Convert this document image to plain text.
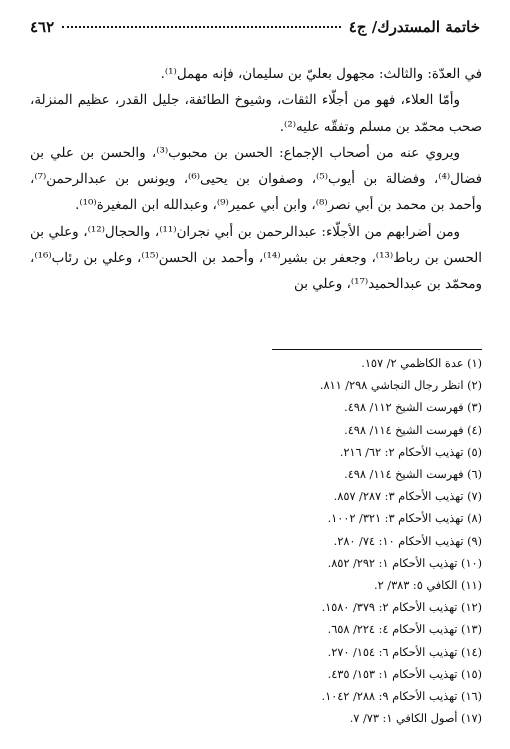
خاتمة المستدرك/ ج٤
٤٦٢

في العدّة: والثالث: مجهول بعليّ بن سليمان، فإنه مهمل⁽¹⁾.

وأمّا العلاء، فهو من أجلّاء الثقات، وشيوخ الطائفة، جليل القدر، عظيم المنزلة، صحب محمّد بن مسلم وتفقّه عليه⁽²⁾.

ويروي عنه من أصحاب الإجماع: الحسن بن محبوب⁽³⁾، والحسن بن علي بن فضال⁽⁴⁾، وفضالة بن أيوب⁽⁵⁾، وصفوان بن يحيى⁽⁶⁾، ويونس بن عبدالرحمن⁽⁷⁾، وأحمد بن محمد بن أبي نصر⁽⁸⁾، وابن أبي عمير⁽⁹⁾، وعبدالله ابن المغيرة⁽¹⁰⁾.

ومن أضرابهم من الأجلّاء: عبدالرحمن بن أبي نجران⁽¹¹⁾، والحجال⁽¹²⁾، وعلي بن الحسن بن رباط⁽¹³⁾، وجعفر بن بشير⁽¹⁴⁾، وأحمد بن الحسن⁽¹⁵⁾، وعلي بن رئاب⁽¹⁶⁾، ومحمّد بن عبدالحميد⁽¹⁷⁾، وعلي بن

(١) عدة الكاظمي ٢/ ١٥٧.
(٢) انظر رجال النجاشي ٢٩٨/ ٨١١.
(٣) فهرست الشيخ ١١٢/ ٤٩٨.
(٤) فهرست الشيخ ١١٤/ ٤٩٨.
(٥) تهذيب الأحكام ٢: ٦٢/ ٢١٦.
(٦) فهرست الشيخ ١١٤/ ٤٩٨.
(٧) تهذيب الأحكام ٣: ٢٨٧/ ٨٥٧.
(٨) تهذيب الأحكام ٣: ٣٢١/ ١٠٠٢.
(٩) تهذيب الأحكام ١٠: ٧٤/ ٢٨٠.
(١٠) تهذيب الأحكام ١: ٢٩٢/ ٨٥٢.
(١١) الكافي ٥: ٣٨٣/ ٢.
(١٢) تهذيب الأحكام ٢: ٣٧٩/ ١٥٨٠.
(١٣) تهذيب الأحكام ٤: ٢٢٤/ ٦٥٨.
(١٤) تهذيب الأحكام ٦: ١٥٤/ ٢٧٠.
(١٥) تهذيب الأحكام ١: ١٥٣/ ٤٣٥.
(١٦) تهذيب الأحكام ٩: ٢٨٨/ ١٠٤٢.
(١٧) أصول الكافي ١: ٧٣/ ٧.
